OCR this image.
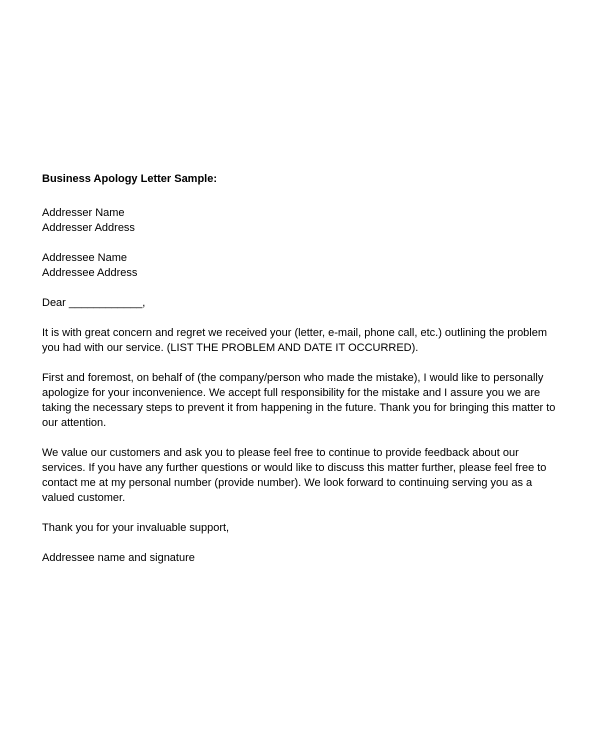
Business Apology Letter Sample:

Addresser Name

Addresser Address

Addressee Name

Addressee Address

Dear ____________,

It is with great concern and regret we received your (letter, e-mail, phone call, etc.) outlining the problem you had with our service. (LIST THE PROBLEM AND DATE IT OCCURRED).

First and foremost, on behalf of (the company/person who made the mistake), I would like to personally apologize for your inconvenience. We accept full responsibility for the mistake and I assure you we are taking the necessary steps to prevent it from happening in the future. Thank you for bringing this matter to our attention.

We value our customers and ask you to please feel free to continue to provide feedback about our services. If you have any further questions or would like to discuss this matter further, please feel free to contact me at my personal number (provide number). We look forward to continuing serving you as a valued customer.

Thank you for your invaluable support,

Addressee name and signature
